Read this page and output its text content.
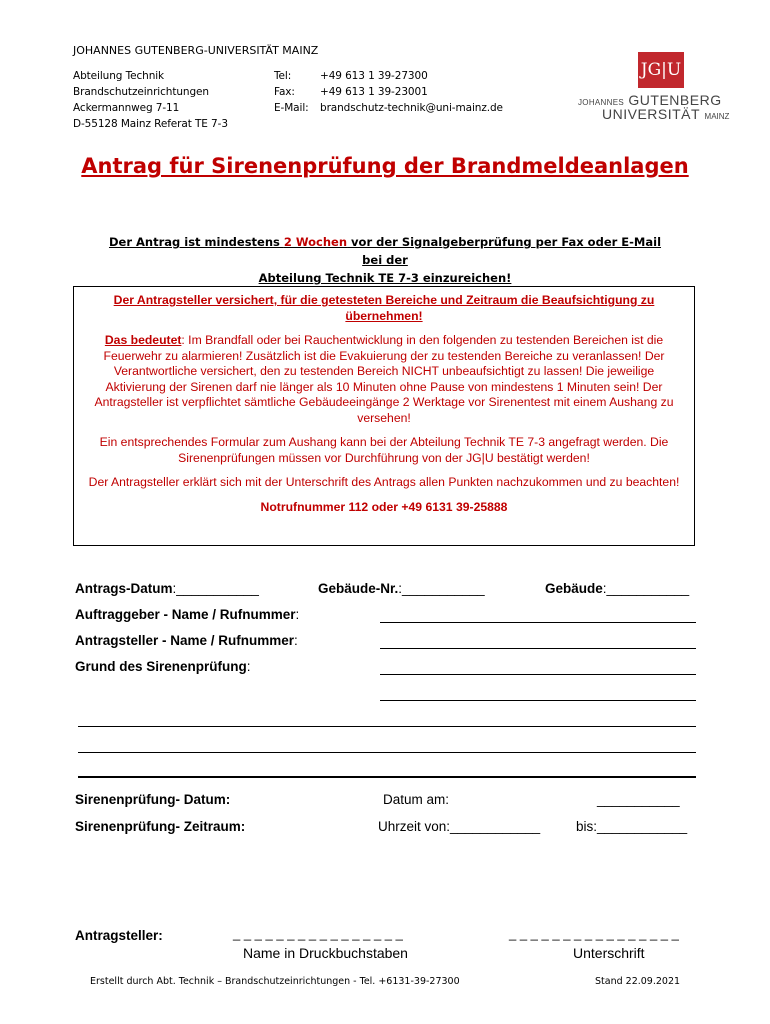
JOHANNES GUTENBERG-UNIVERSITÄT MAINZ
Abteilung Technik
Brandschutzeinrichtungen
Ackermannweg 7-11
D-55128 Mainz Referat TE 7-3
Tel:	+49 613 1 39-27300
Fax: +49 613 1 39-23001
E-Mail: brandschutz-technik@uni-mainz.de
JG|U
JOHANNES GUTENBERG
UNIVERSITÄT MAINZ
Antrag für Sirenenprüfung der Brandmeldeanlagen
Der Antrag ist mindestens 2 Wochen vor der Signalgeberprüfung per Fax oder E-Mail bei der
Abteilung Technik TE 7-3 einzureichen!

Der Antragsteller versichert, für die getesteten Bereiche und Zeitraum die Beaufsichtigung zu übernehmen!

Das bedeutet: Im Brandfall oder bei Rauchentwicklung in den folgenden zu testenden Bereichen ist die Feuerwehr zu alarmieren! Zusätzlich ist die Evakuierung der zu testenden Bereiche zu veranlassen! Der Verantwortliche versichert, den zu testenden Bereich NICHT unbeaufsichtigt zu lassen! Die jeweilige Aktivierung der Sirenen darf nie länger als 10 Minuten ohne Pause von mindestens 1 Minuten sein! Der Antragsteller ist verpflichtet sämtliche Gebäudeeingänge 2 Werktage vor Sirenentest mit einem Aushang zu versehen!

Ein entsprechendes Formular zum Aushang kann bei der Abteilung Technik TE 7-3 angefragt werden. Die Sirenenprüfungen müssen vor Durchführung von der JG|U bestätigt werden!

Der Antragsteller erklärt sich mit der Unterschrift des Antrags allen Punkten nachzukommen und zu beachten!

Notrufnummer 112 oder +49 6131 39-25888

Antrags-Datum:___________	Gebäude-Nr.:___________	Gebäude:___________
Auftraggeber - Name / Rufnummer:
Antragsteller - Name / Rufnummer:
Grund des Sirenenprüfung:
Sirenenprüfung- Datum:	Datum am:	___________
Sirenenprüfung- Zeitraum:	Uhrzeit von:____________	bis:____________
Antragsteller:	_ _ _ _ _ _ _ _ _ _ _ _ _ _ _ _
Name in Druckbuchstaben
_ _ _ _ _ _ _ _ _ _ _ _ _ _ _ _
Unterschrift
Erstellt durch Abt. Technik – Brandschutzeinrichtungen - Tel. +6131-39-27300	Stand 22.09.2021
